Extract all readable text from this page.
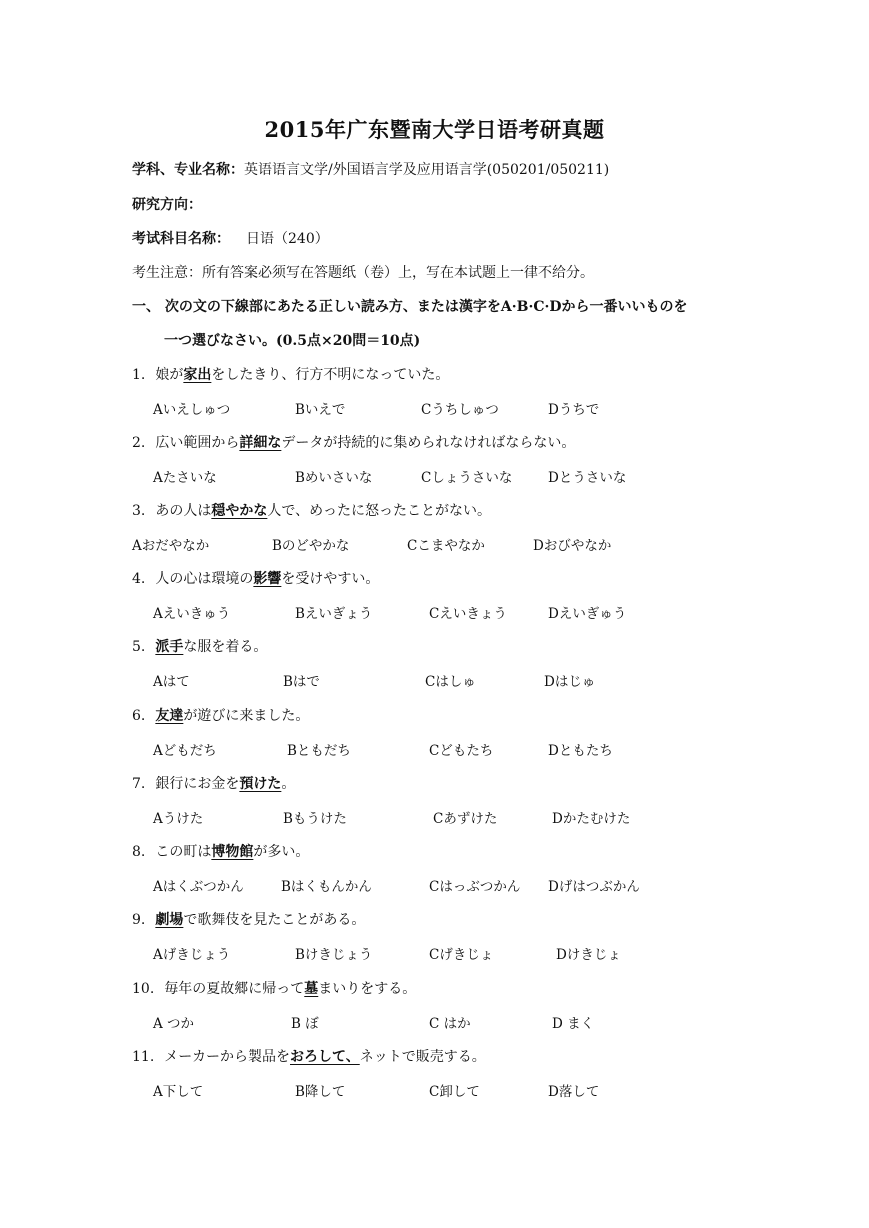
2015年广东暨南大学日语考研真题
学科、专业名称：英语语言文学/外国语言学及应用语言学(050201/050211)
研究方向：
考试科目名称： 日语（240）
考生注意：所有答案必须写在答题纸（卷）上，写在本试题上一律不给分。
一、 次の文の下線部にあたる正しい読み方、または漢字をA·B·C·Dから一番いいものを
一つ選びなさい。(0.5点×20問＝10点)
1. 娘が家出をしたきり、行方不明になっていた。
Aいえしゅつ	Bいえで	Cうちしゅつ	Dうちで
2. 広い範囲から詳細なデータが持続的に集められなければならない。
Aたさいな	Bめいさいな	Cしょうさいな	Dとうさいな
3. あの人は穏やかな人で、めったに怒ったことがない。
Aおだやなか	Bのどやかな	Cこまやなか	Dおびやなか
4. 人の心は環境の影響を受けやすい。
Aえいきゅう	Bえいぎょう	Cえいきょう	Dえいぎゅう
5. 派手な服を着る。
Aはて	Bはで	Cはしゅ	Dはじゅ
6. 友達が遊びに来ました。
Aどもだち	Bともだち	Cどもたち	Dともたち
7. 銀行にお金を預けた。
Aうけた	Bもうけた	Cあずけた	Dかたむけた
8. この町は博物館が多い。
Aはくぶつかん	Bはくもんかん	Cはっぶつかん Dげはつぶかん
9. 劇場で歌舞伎を見たことがある。
Aげきじょう	Bけきじょう	Cげきじょ	Dけきじょ
10. 毎年の夏故郷に帰って墓まいりをする。
A つか	B ぼ	C はか	D まく
11. メーカーから製品をおろして、ネットで販売する。
A下して	B降して	C卸して	D落して
